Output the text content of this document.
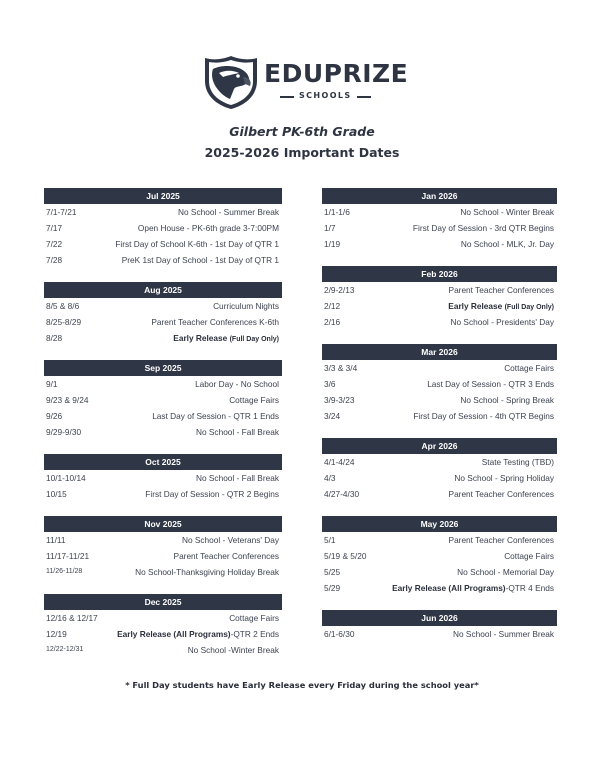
EDUPRIZE
SCHOOLS
Gilbert PK-6th Grade
2025-2026 Important Dates
Jul 2025
7/1-7/21	No School - Summer Break
7/17	Open House - PK-6th grade 3-7:00PM
7/22	First Day of School K-6th - 1st Day of QTR 1
7/28	PreK 1st Day of School - 1st Day of QTR 1
Aug 2025
8/5 & 8/6	Curriculum Nights
8/25-8/29	Parent Teacher Conferences K-6th
8/28	Early Release (Full Day Only)
Sep 2025
9/1	Labor Day - No School
9/23 & 9/24	Cottage Fairs
9/26	Last Day of Session - QTR 1 Ends
9/29-9/30	No School - Fall Break
Oct 2025
10/1-10/14	No School - Fall Break
10/15	First Day of Session - QTR 2 Begins
Nov 2025
11/11	No School - Veterans' Day
11/17-11/21	Parent Teacher Conferences
11/26-11/28	No School-Thanksgiving Holiday Break
Dec 2025
12/16 & 12/17	Cottage Fairs
12/19	Early Release (All Programs)-QTR 2 Ends
12/22-12/31	No School -Winter Break
Jan 2026
1/1-1/6	No School - Winter Break
1/7	First Day of Session - 3rd QTR Begins
1/19	No School - MLK, Jr. Day
Feb 2026
2/9-2/13	Parent Teacher Conferences
2/12	Early Release (Full Day Only)
2/16	No School - Presidents' Day
Mar 2026
3/3 & 3/4	Cottage Fairs
3/6	Last Day of Session - QTR 3 Ends
3/9-3/23	No School - Spring Break
3/24	First Day of Session - 4th QTR Begins
Apr 2026
4/1-4/24	State Testing (TBD)
4/3	No School - Spring Holiday
4/27-4/30	Parent Teacher Conferences
May 2026
5/1	Parent Teacher Conferences
5/19 & 5/20	Cottage Fairs
5/25	No School - Memorial Day
5/29	Early Release (All Programs)-QTR 4 Ends
Jun 2026
6/1-6/30	No School - Summer Break
* Full Day students have Early Release every Friday during the school year*
